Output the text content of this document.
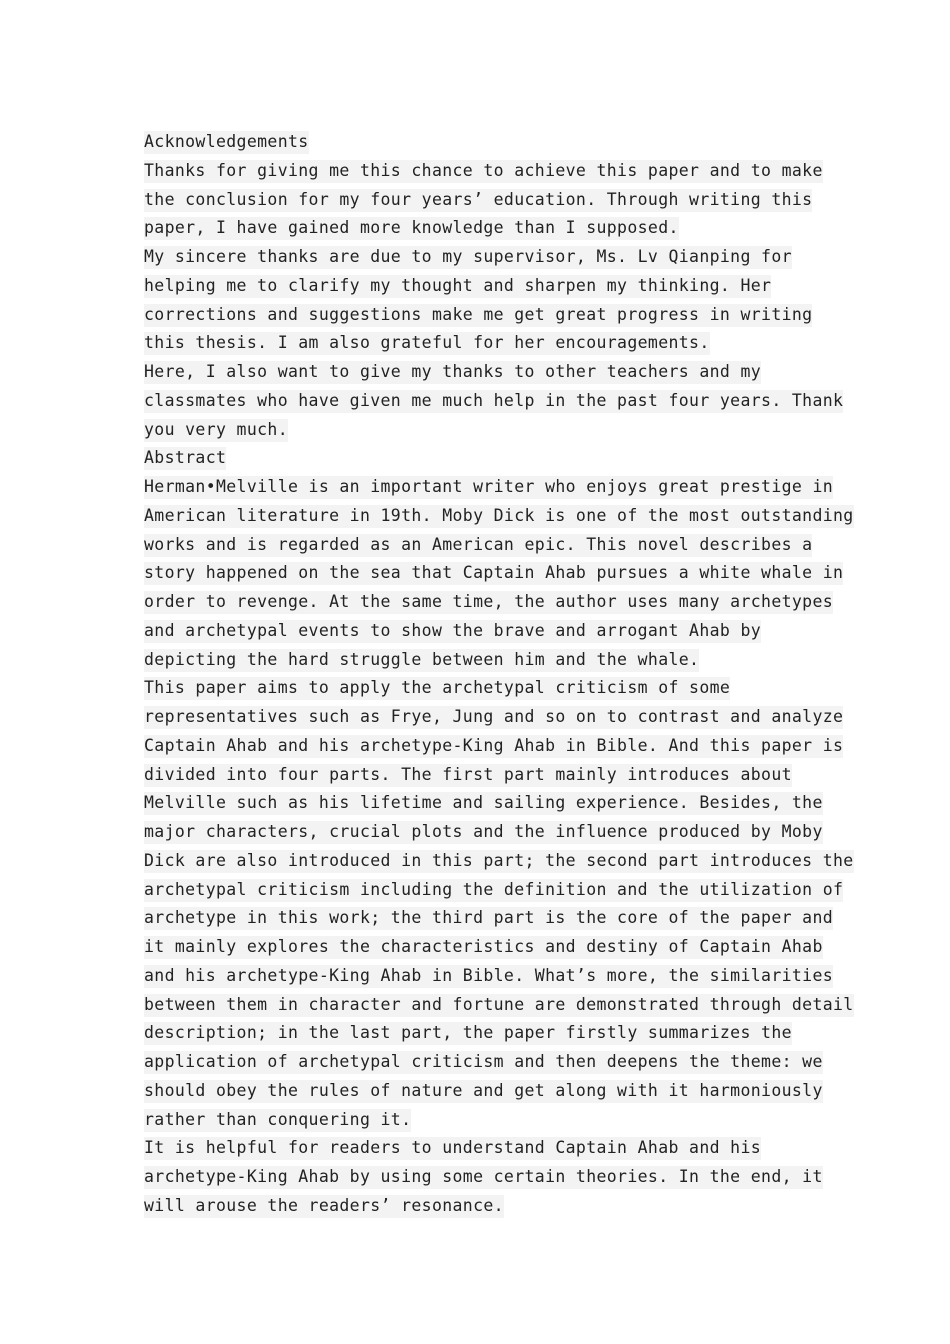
Acknowledgements
Thanks for giving me this chance to achieve this paper and to make
the conclusion for my four years’ education. Through writing this
paper, I have gained more knowledge than I supposed.
My sincere thanks are due to my supervisor, Ms. Lv Qianping for
helping me to clarify my thought and sharpen my thinking. Her
corrections and suggestions make me get great progress in writing
this thesis. I am also grateful for her encouragements.
Here, I also want to give my thanks to other teachers and my
classmates who have given me much help in the past four years. Thank
you very much.
Abstract
Herman•Melville is an important writer who enjoys great prestige in
American literature in 19th. Moby Dick is one of the most outstanding
works and is regarded as an American epic. This novel describes a
story happened on the sea that Captain Ahab pursues a white whale in
order to revenge. At the same time, the author uses many archetypes
and archetypal events to show the brave and arrogant Ahab by
depicting the hard struggle between him and the whale.
This paper aims to apply the archetypal criticism of some
representatives such as Frye, Jung and so on to contrast and analyze
Captain Ahab and his archetype-King Ahab in Bible. And this paper is
divided into four parts. The first part mainly introduces about
Melville such as his lifetime and sailing experience. Besides, the
major characters, crucial plots and the influence produced by Moby
Dick are also introduced in this part; the second part introduces the
archetypal criticism including the definition and the utilization of
archetype in this work; the third part is the core of the paper and
it mainly explores the characteristics and destiny of Captain Ahab
and his archetype-King Ahab in Bible. What’s more, the similarities
between them in character and fortune are demonstrated through detail
description; in the last part, the paper firstly summarizes the
application of archetypal criticism and then deepens the theme: we
should obey the rules of nature and get along with it harmoniously
rather than conquering it.
It is helpful for readers to understand Captain Ahab and his
archetype-King Ahab by using some certain theories. In the end, it
will arouse the readers’ resonance.
